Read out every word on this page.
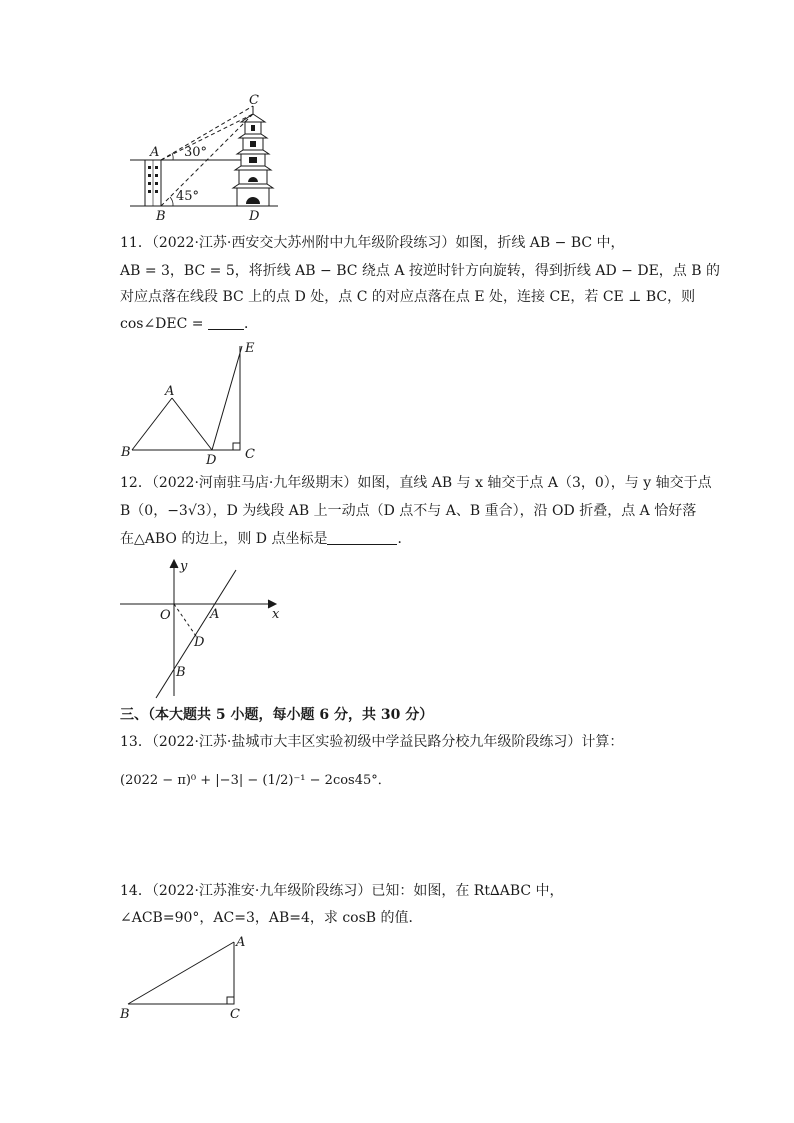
C
A
B	D
30°
45°
11．（2022·江苏·西安交大苏州附中九年级阶段练习）如图，折线 AB − BC 中，
AB = 3，BC = 5，将折线 AB − BC 绕点 A 按逆时针方向旋转，得到折线 AD − DE，点 B 的
对应点落在线段 BC 上的点 D 处，点 C 的对应点落在点 E 处，连接 CE，若 CE ⊥ BC，则
cos∠DEC =	．
A
B
D C
E
12．（2022·河南驻马店·九年级期末）如图，直线 AB 与 x 轴交于点 A（3，0），与 y 轴交于点
B（0，−3√3），D 为线段 AB 上一动点（D 点不与 A、B 重合），沿 OD 折叠，点 A 恰好落
在△ABO 的边上，则 D 点坐标是	．
y
x
O	A
D
B
三、（本大题共 5 小题，每小题 6 分，共 30 分）
13．（2022·江苏·盐城市大丰区实验初级中学益民路分校九年级阶段练习）计算：
(2022 − π)⁰ + |−3| − (1/2)⁻¹ − 2cos45°．
14．（2022·江苏淮安·九年级阶段练习）已知：如图，在 Rt∆ABC 中，
∠ACB=90°，AC=3，AB=4，求 cosB 的值．
A
B	C
